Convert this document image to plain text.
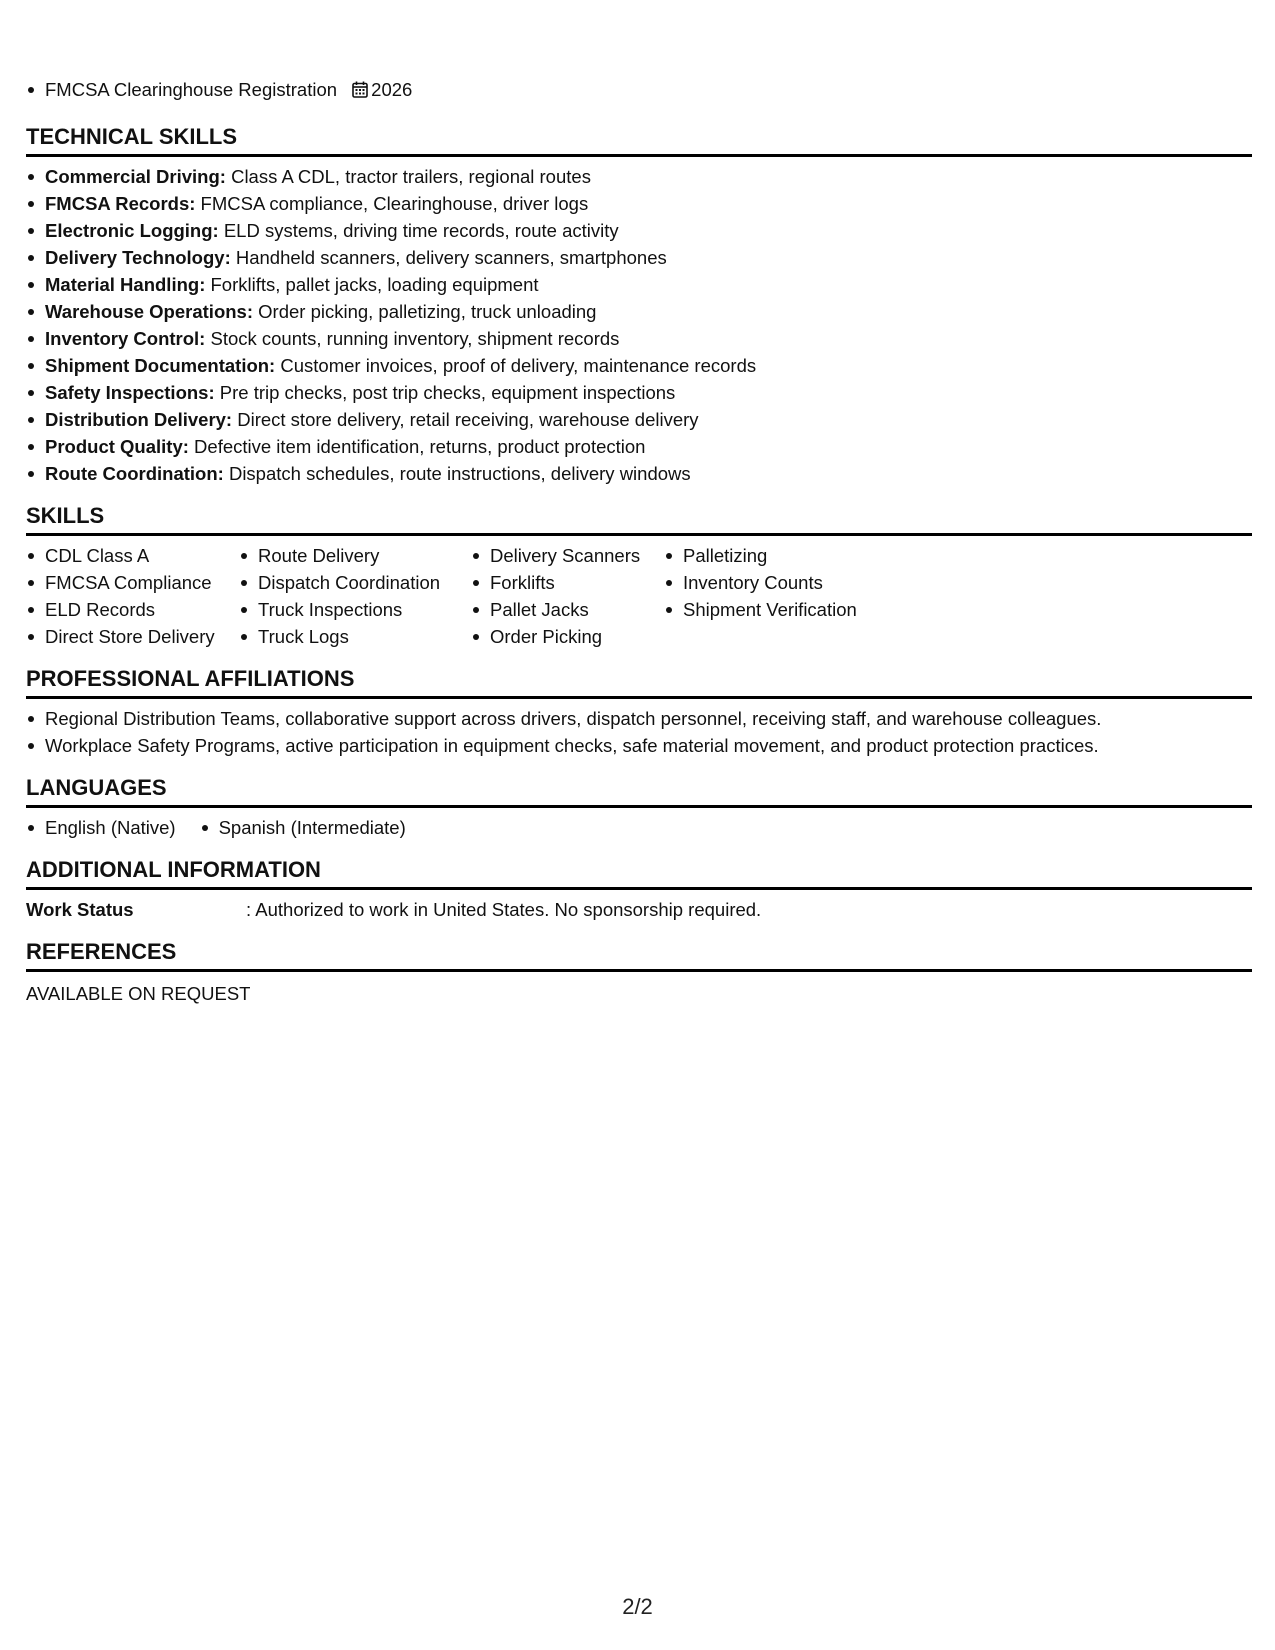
FMCSA Clearinghouse Registration 2026
TECHNICAL SKILLS
Commercial Driving: Class A CDL, tractor trailers, regional routes
FMCSA Records: FMCSA compliance, Clearinghouse, driver logs
Electronic Logging: ELD systems, driving time records, route activity
Delivery Technology: Handheld scanners, delivery scanners, smartphones
Material Handling: Forklifts, pallet jacks, loading equipment
Warehouse Operations: Order picking, palletizing, truck unloading
Inventory Control: Stock counts, running inventory, shipment records
Shipment Documentation: Customer invoices, proof of delivery, maintenance records
Safety Inspections: Pre trip checks, post trip checks, equipment inspections
Distribution Delivery: Direct store delivery, retail receiving, warehouse delivery
Product Quality: Defective item identification, returns, product protection
Route Coordination: Dispatch schedules, route instructions, delivery windows
SKILLS
CDL Class A
FMCSA Compliance
ELD Records
Direct Store Delivery
Route Delivery
Dispatch Coordination
Truck Inspections
Truck Logs
Delivery Scanners
Forklifts
Pallet Jacks
Order Picking
Palletizing
Inventory Counts
Shipment Verification
PROFESSIONAL AFFILIATIONS
Regional Distribution Teams, collaborative support across drivers, dispatch personnel, receiving staff, and warehouse colleagues.
Workplace Safety Programs, active participation in equipment checks, safe material movement, and product protection practices.
LANGUAGES
English (Native)	Spanish (Intermediate)
ADDITIONAL INFORMATION
Work Status	: Authorized to work in United States. No sponsorship required.
REFERENCES
AVAILABLE ON REQUEST
2/2
